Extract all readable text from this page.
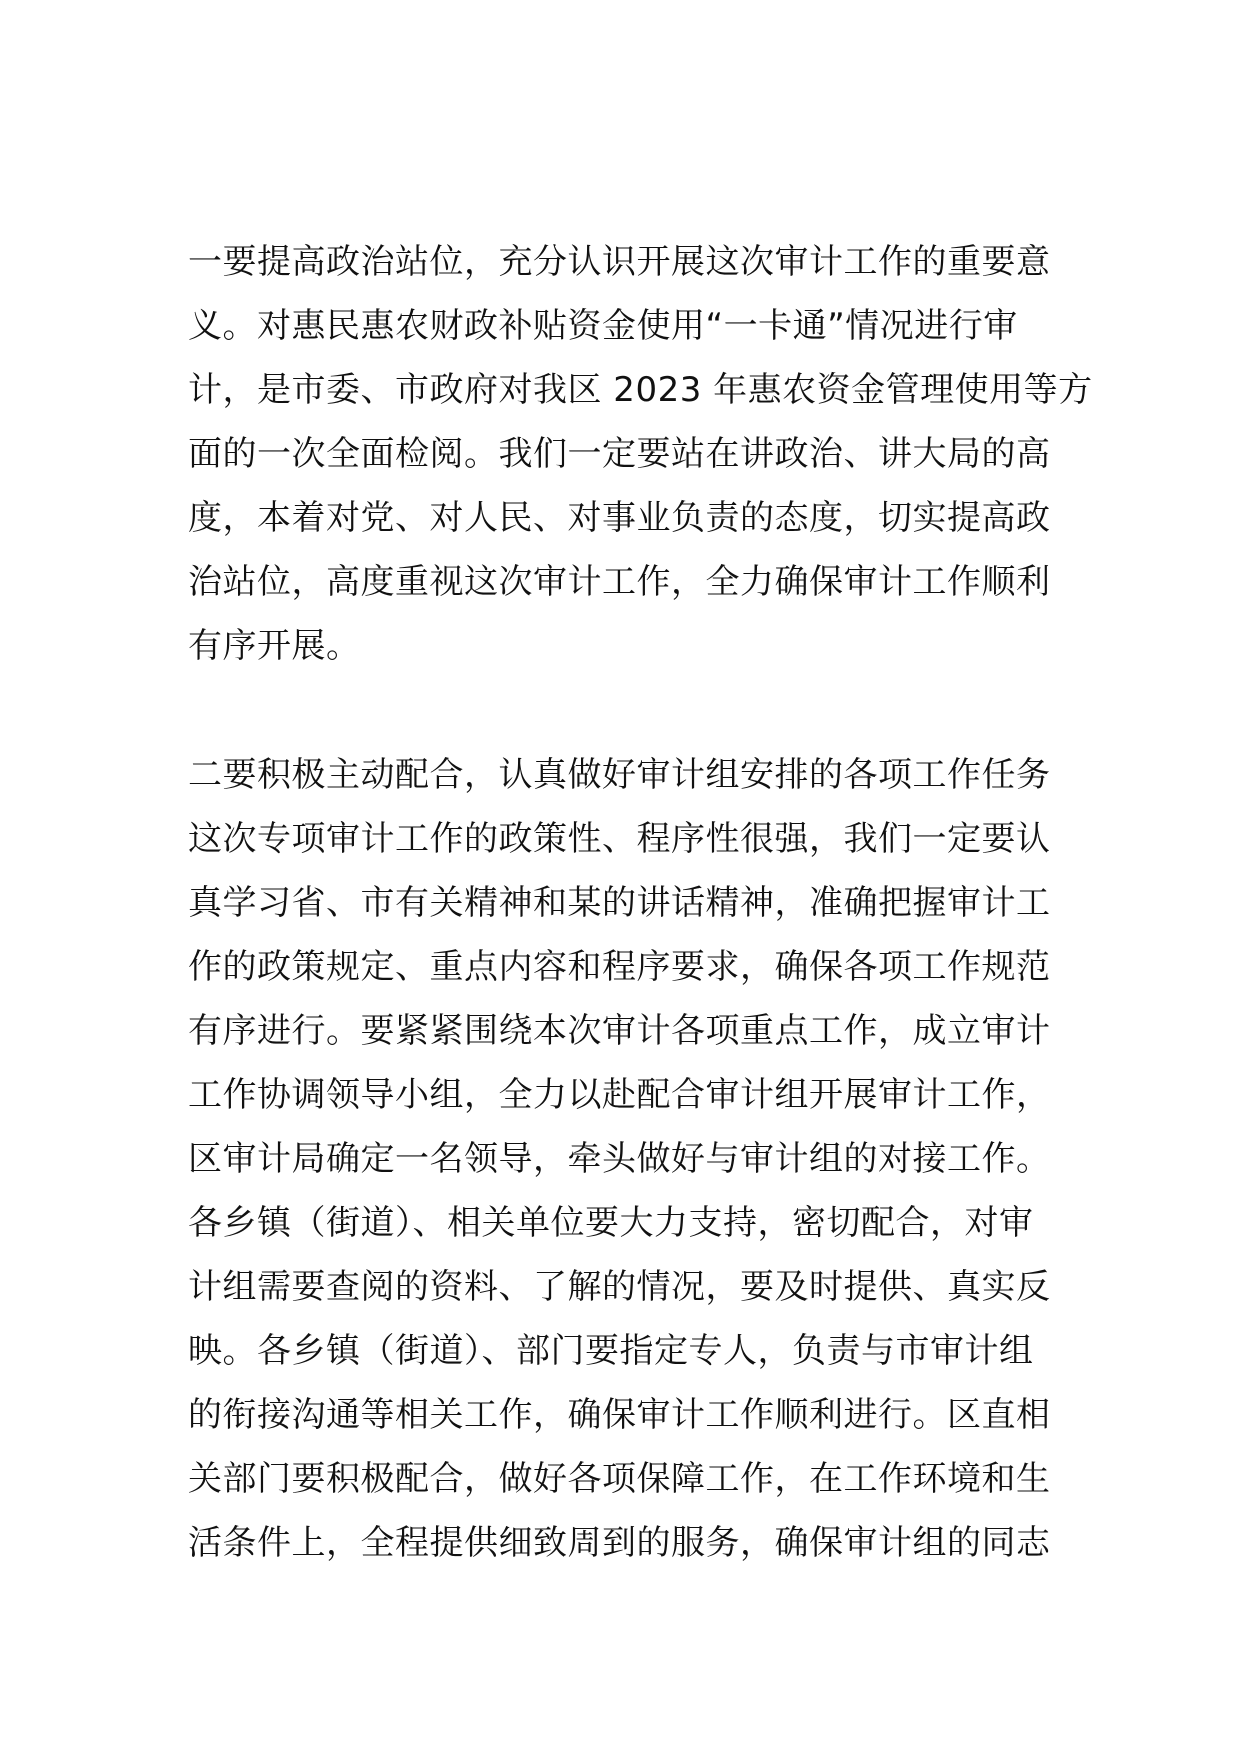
一要提高政治站位，充分认识开展这次审计工作的重要意
义。对惠民惠农财政补贴资金使用“一卡通”情况进行审
计，是市委、市政府对我区 2023 年惠农资金管理使用等方
面的一次全面检阅。我们一定要站在讲政治、讲大局的高
度，本着对党、对人民、对事业负责的态度，切实提高政
治站位，高度重视这次审计工作，全力确保审计工作顺利
有序开展。
二要积极主动配合，认真做好审计组安排的各项工作任务
这次专项审计工作的政策性、程序性很强，我们一定要认
真学习省、市有关精神和某的讲话精神，准确把握审计工
作的政策规定、重点内容和程序要求，确保各项工作规范
有序进行。要紧紧围绕本次审计各项重点工作，成立审计
工作协调领导小组，全力以赴配合审计组开展审计工作，
区审计局确定一名领导，牵头做好与审计组的对接工作。
各乡镇（街道）、相关单位要大力支持，密切配合，对审
计组需要查阅的资料、了解的情况，要及时提供、真实反
映。各乡镇（街道）、部门要指定专人，负责与市审计组
的衔接沟通等相关工作，确保审计工作顺利进行。区直相
关部门要积极配合，做好各项保障工作，在工作环境和生
活条件上，全程提供细致周到的服务，确保审计组的同志
